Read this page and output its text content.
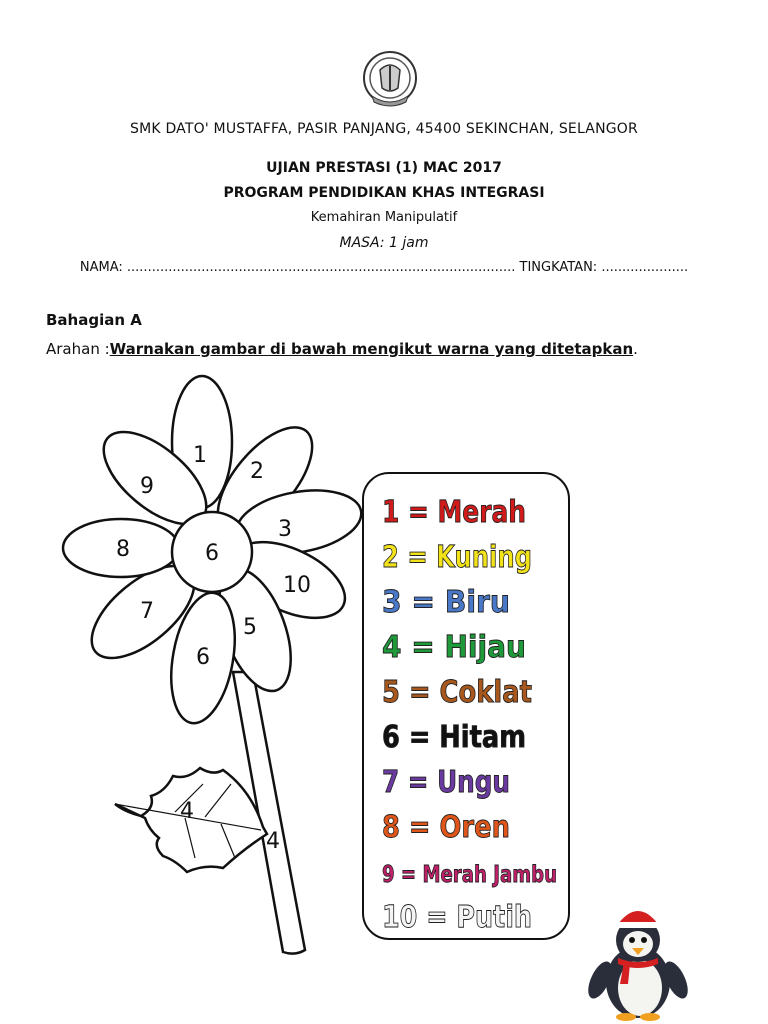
SMK DATO' MUSTAFFA, PASIR PANJANG, 45400 SEKINCHAN, SELANGOR
UJIAN PRESTASI (1) MAC 2017
PROGRAM PENDIDIKAN KHAS INTEGRASI
Kemahiran Manipulatif
MASA: 1 jam
NAMA: .............................................................................................. TINGKATAN: .....................
Bahagian A
Arahan :Warnakan gambar di bawah mengikut warna yang ditetapkan.
1
2
3
10
5
6
7
8
9
6
4
4
1 = Merah
2 = Kuning
3 = Biru
4 = Hijau
5 = Coklat
6 = Hitam
7 = Ungu
8 = Oren
9 = Merah Jambu
10 = Putih
